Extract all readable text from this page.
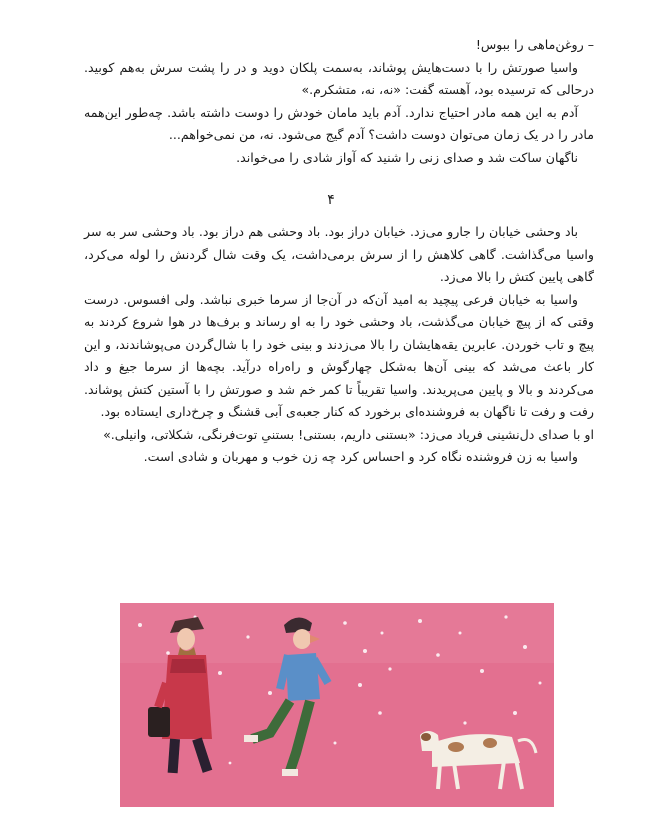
– روغن‌ماهی را ببوس!

واسیا صورتش را با دست‌هایش پوشاند، به‌سمت پلکان دوید و در را پشت سرش به‌هم کوبید. درحالی که ترسیده بود، آهسته گفت: «نه، نه، متشکرم.»

آدم به این همه مادر احتیاج ندارد. آدم باید مامان خودش را دوست داشته باشد. چه‌طور این‌همه مادر را در یک زمان می‌توان دوست داشت؟ آدم گیج می‌شود. نه، من نمی‌خواهم...

ناگهان ساکت شد و صدای زنی را شنید که آواز شادی را می‌خواند.

۴

باد وحشی خیابان را جارو می‌زد. خیابان دراز بود. باد وحشی هم دراز بود. باد وحشی سر به سر واسیا می‌گذاشت. گاهی کلاهش را از سرش برمی‌داشت، یک وقت شال گردنش را لوله می‌کرد، گاهی پایین کتش را بالا می‌زد.

واسیا به خیابان فرعی پیچید به امید آن‌که در آن‌جا از سرما خبری نباشد. ولی افسوس. درست وقتی که از پیچ خیابان می‌گذشت، باد وحشی خود را به او رساند و برف‌ها در هوا شروع کردند به پیچ و تاب خوردن. عابرین یقه‌هایشان را بالا می‌زدند و بینی خود را با شال‌گردن می‌پوشاندند، و این کار باعث می‌شد که بینی آن‌ها به‌شکل چهارگوش و راه‌راه درآید. بچه‌ها از سرما جیغ و داد می‌کردند و بالا و پایین می‌پریدند. واسیا تقریباً تا کمر خم شد و صورتش را با آستین کتش پوشاند. رفت و رفت تا ناگهان به فروشنده‌ای برخورد که کنار جعبه‌ی آبی قشنگ و چرخ‌داری ایستاده بود.

او با صدای دل‌نشینی فریاد می‌زد: «بستنی داریم، بستنی! بستنیِ توت‌فرنگی، شکلاتی، وانیلی.»

واسیا به زن فروشنده نگاه کرد و احساس کرد چه زن خوب و مهربان و شادی است.
